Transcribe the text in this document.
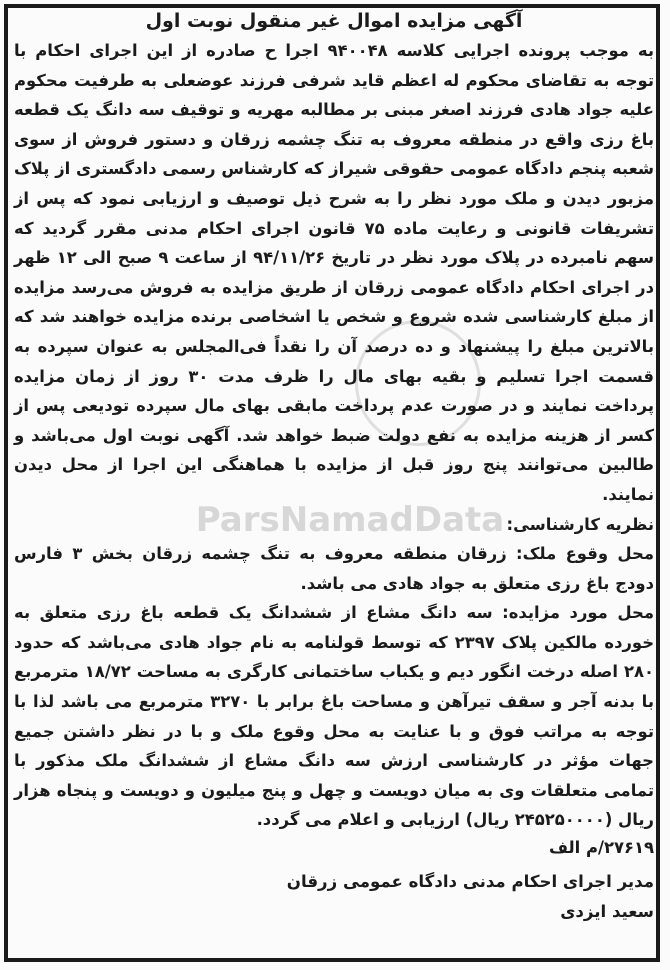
ParsNamadData
آگهی مزایده اموال غیر منقول نوبت اول

به موجب پرونده اجرایی کلاسه ۹۴۰۰۴۸ اجرا ح صادره از این اجرای احکام با توجه به تقاضای محکوم له اعظم قاید شرفی فرزند عوضعلی به طرفیت محکوم علیه جواد هادی فرزند اصغر مبنی بر مطالبه مهریه و توقیف سه دانگ یک قطعه باغ رزی واقع در منطقه معروف به تنگ چشمه زرقان و دستور فروش از سوی شعبه پنجم دادگاه عمومی حقوقی شیراز که کارشناس رسمی دادگستری از پلاک مزبور دیدن و ملک مورد نظر را به شرح ذیل توصیف و ارزیابی نمود که پس از تشریفات قانونی و رعایت ماده ۷۵ قانون اجرای احکام مدنی مقرر گردید که سهم نامبرده در پلاک مورد نظر در تاریخ ۹۴/۱۱/۲۶ از ساعت ۹ صبح الی ۱۲ ظهر در اجرای احکام دادگاه عمومی زرقان از طریق مزایده به فروش می‌رسد مزایده از مبلغ کارشناسی شده شروع و شخص یا اشخاصی برنده مزایده خواهند شد که بالاترین مبلغ را پیشنهاد و ده درصد آن را نقداً فی‌المجلس به عنوان سپرده به قسمت اجرا تسلیم و بقیه بهای مال را ظرف مدت ۳۰ روز از زمان مزایده پرداخت نمایند و در صورت عدم پرداخت مابقی بهای مال سپرده تودیعی پس از کسر از هزینه مزایده به نفع دولت ضبط خواهد شد. آگهی نوبت اول می‌باشد و طالبین می‌توانند پنج روز قبل از مزایده با هماهنگی این اجرا از محل دیدن نمایند.

نظریه کارشناسی:

محل وقوع ملک: زرقان منطقه معروف به تنگ چشمه زرقان بخش ۳ فارس دودج باغ رزی متعلق به جواد هادی می باشد.

محل مورد مزایده: سه دانگ مشاع از ششدانگ یک قطعه باغ رزی متعلق به خورده مالکین پلاک ۲۳۹۷ که توسط قولنامه به نام جواد هادی می‌باشد که حدود ۲۸۰ اصله درخت انگور دیم و یکباب ساختمانی کارگری به مساحت ۱۸/۷۲ مترمربع با بدنه آجر و سقف تیرآهن و مساحت باغ برابر با ۳۲۷۰ مترمربع می باشد لذا با توجه به مراتب فوق و با عنایت به محل وقوع ملک و با در نظر داشتن جمیع جهات مؤثر در کارشناسی ارزش سه دانگ مشاع از ششدانگ ملک مذکور با تمامی متعلقات وی به میان دویست و چهل و پنج میلیون و دویست و پنجاه هزار ریال (۲۴۵۲۵۰۰۰۰ ریال) ارزیابی و اعلام می گردد.

۲۷۶۱۹/م الف

مدیر اجرای احکام مدنی دادگاه عمومی زرقان

سعید ایزدی
